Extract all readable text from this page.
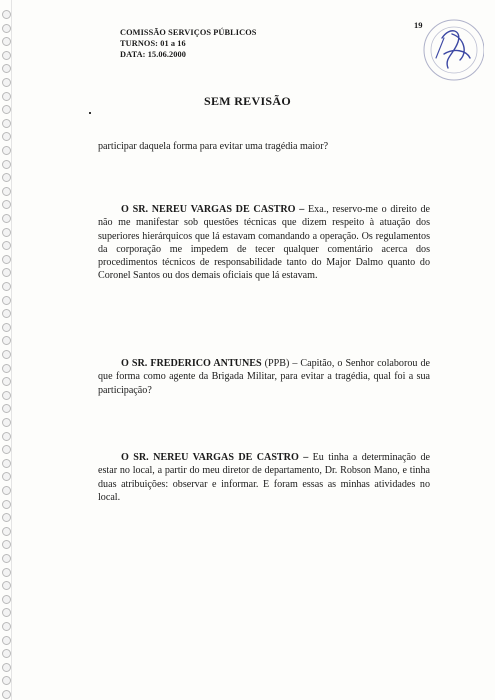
COMISSÃO SERVIÇOS PÚBLICOS
TURNOS: 01 a 16
DATA: 15.06.2000
19
SEM REVISÃO

participar daquela forma para evitar uma tragédia maior?

O SR. NEREU VARGAS DE CASTRO – Exa., reservo-me o direito de não me manifestar sob questões técnicas que dizem respeito à atuação dos superiores hierárquicos que lá estavam comandando a operação. Os regulamentos da corporação me impedem de tecer qualquer comentário acerca dos procedimentos técnicos de responsabilidade tanto do Major Dalmo quanto do Coronel Santos ou dos demais oficiais que lá estavam.

O SR. FREDERICO ANTUNES (PPB) – Capitão, o Senhor colaborou de que forma como agente da Brigada Militar, para evitar a tragédia, qual foi a sua participação?

O SR. NEREU VARGAS DE CASTRO – Eu tinha a determinação de estar no local, a partir do meu diretor de departamento, Dr. Robson Mano, e tinha duas atribuições: observar e informar. E foram essas as minhas atividades no local.
